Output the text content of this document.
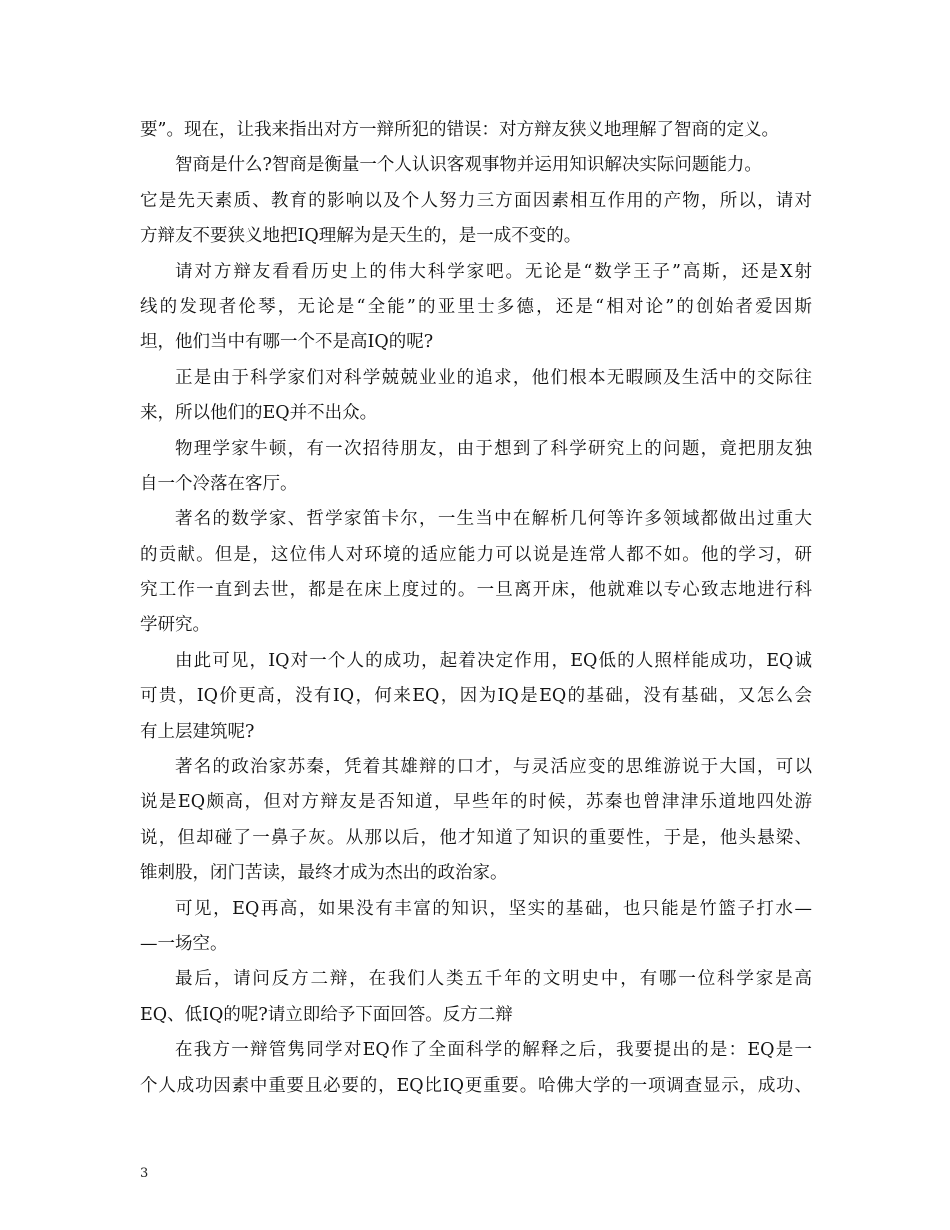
要”。现在，让我来指出对方一辩所犯的错误：对方辩友狭义地理解了智商的定义。
智商是什么?智商是衡量一个人认识客观事物并运用知识解决实际问题能力。
它是先天素质、教育的影响以及个人努力三方面因素相互作用的产物，所以，请对
方辩友不要狭义地把IQ理解为是天生的，是一成不变的。
请对方辩友看看历史上的伟大科学家吧。无论是“数学王子”高斯，还是X射
线的发现者伦琴，无论是“全能”的亚里士多德，还是“相对论”的创始者爱因斯
坦，他们当中有哪一个不是高IQ的呢?
正是由于科学家们对科学兢兢业业的追求，他们根本无暇顾及生活中的交际往
来，所以他们的EQ并不出众。
物理学家牛顿，有一次招待朋友，由于想到了科学研究上的问题，竟把朋友独
自一个冷落在客厅。
著名的数学家、哲学家笛卡尔，一生当中在解析几何等许多领域都做出过重大
的贡献。但是，这位伟人对环境的适应能力可以说是连常人都不如。他的学习，研
究工作一直到去世，都是在床上度过的。一旦离开床，他就难以专心致志地进行科
学研究。
由此可见，IQ对一个人的成功，起着决定作用，EQ低的人照样能成功，EQ诚
可贵，IQ价更高，没有IQ，何来EQ，因为IQ是EQ的基础，没有基础，又怎么会
有上层建筑呢?
著名的政治家苏秦，凭着其雄辩的口才，与灵活应变的思维游说于大国，可以
说是EQ颇高，但对方辩友是否知道，早些年的时候，苏秦也曾津津乐道地四处游
说，但却碰了一鼻子灰。从那以后，他才知道了知识的重要性，于是，他头悬梁、
锥刺股，闭门苦读，最终才成为杰出的政治家。
可见，EQ再高，如果没有丰富的知识，坚实的基础，也只能是竹篮子打水—
—一场空。
最后，请问反方二辩，在我们人类五千年的文明史中，有哪一位科学家是高
EQ、低IQ的呢?请立即给予下面回答。反方二辩
在我方一辩管隽同学对EQ作了全面科学的解释之后，我要提出的是：EQ是一
个人成功因素中重要且必要的，EQ比IQ更重要。哈佛大学的一项调查显示，成功、
3
